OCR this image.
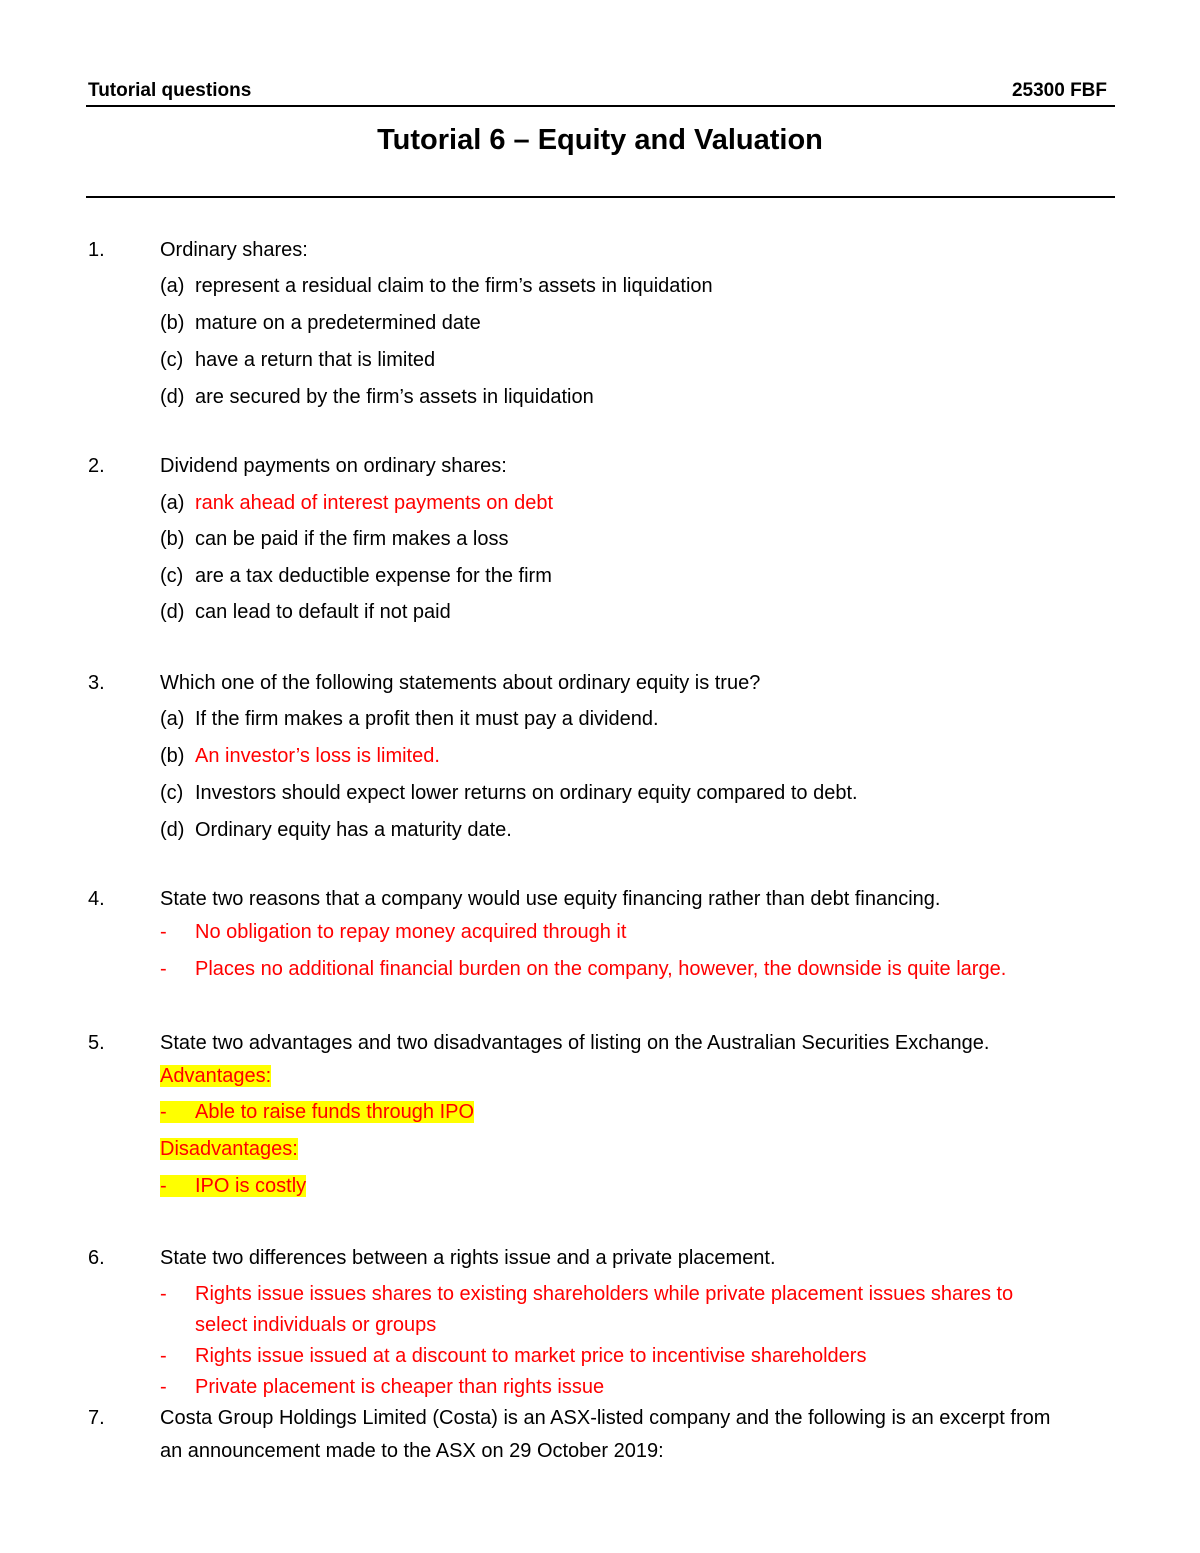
Tutorial questions	25300 FBF
Tutorial 6 – Equity and Valuation
1.	Ordinary shares:
(a) represent a residual claim to the firm’s assets in liquidation
(b) mature on a predetermined date
(c) have a return that is limited
(d) are secured by the firm’s assets in liquidation
2.	Dividend payments on ordinary shares:
(a) rank ahead of interest payments on debt
(b) can be paid if the firm makes a loss
(c) are a tax deductible expense for the firm
(d) can lead to default if not paid
3.	Which one of the following statements about ordinary equity is true?
(a) If the firm makes a profit then it must pay a dividend.
(b) An investor’s loss is limited.
(c) Investors should expect lower returns on ordinary equity compared to debt.
(d) Ordinary equity has a maturity date.
4.	State two reasons that a company would use equity financing rather than debt financing.
- No obligation to repay money acquired through it
- Places no additional financial burden on the company, however, the downside is quite large.
5.	State two advantages and two disadvantages of listing on the Australian Securities Exchange.
Advantages:
- Able to raise funds through IPO
Disadvantages:
- IPO is costly
6.	State two differences between a rights issue and a private placement.
- Rights issue issues shares to existing shareholders while private placement issues shares to
select individuals or groups
- Rights issue issued at a discount to market price to incentivise shareholders
- Private placement is cheaper than rights issue
7.	Costa Group Holdings Limited (Costa) is an ASX-listed company and the following is an excerpt from
an announcement made to the ASX on 29 October 2019:
